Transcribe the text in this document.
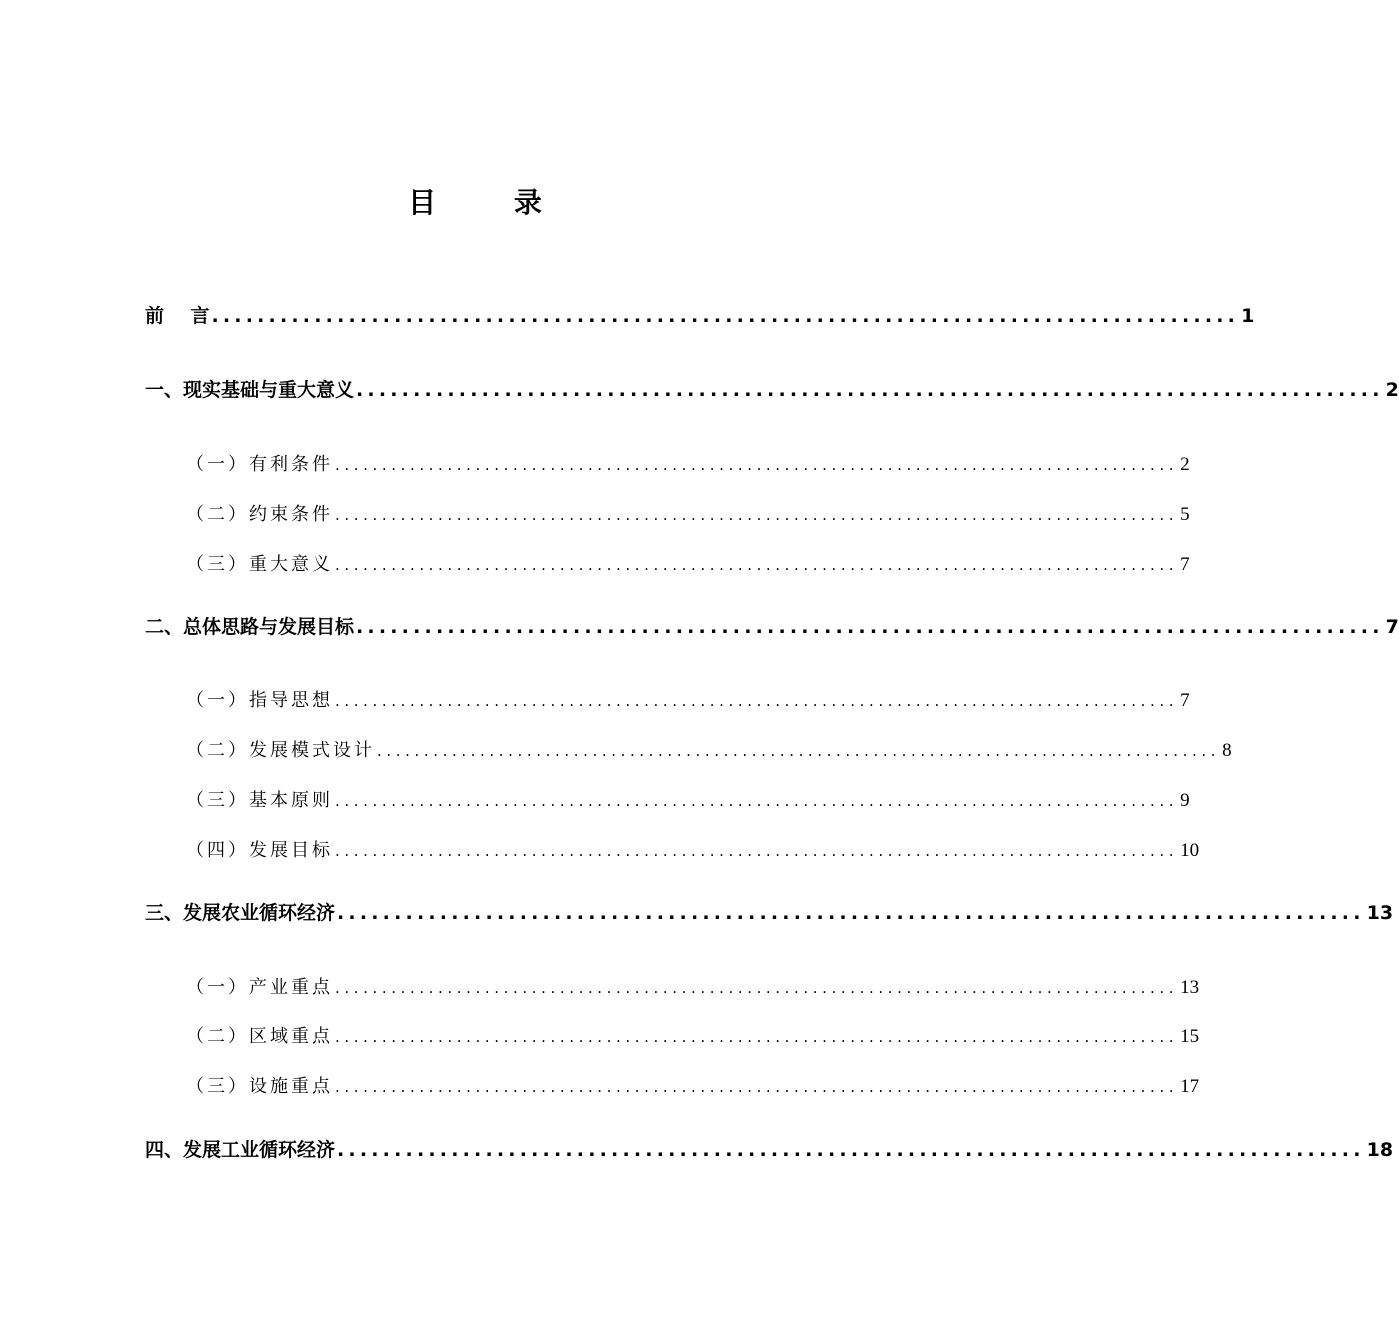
目 录
前    言 .......................................................................................... 1
一、现实基础与重大意义 .......................................................................................... 2
（一）有利条件 .......................................................................................... 2
（二）约束条件 .......................................................................................... 5
（三）重大意义 .......................................................................................... 7
二、总体思路与发展目标 .......................................................................................... 7
（一）指导思想 .......................................................................................... 7
（二）发展模式设计 .......................................................................................... 8
（三）基本原则 .......................................................................................... 9
（四）发展目标 .......................................................................................... 10
三、发展农业循环经济 .......................................................................................... 13
（一）产业重点 .......................................................................................... 13
（二）区域重点 .......................................................................................... 15
（三）设施重点 .......................................................................................... 17
四、发展工业循环经济 .......................................................................................... 18
